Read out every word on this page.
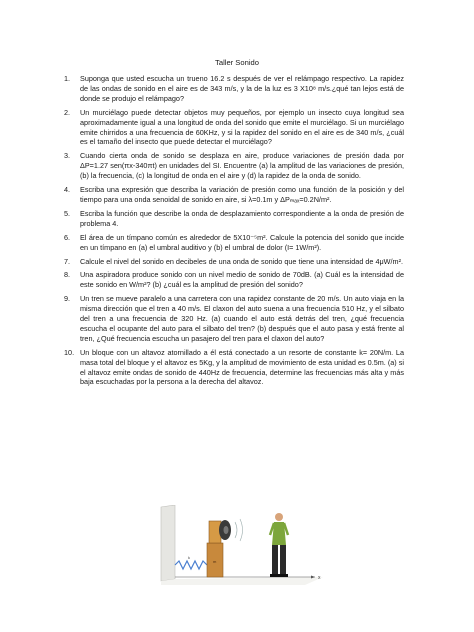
Taller Sonido
1.	Suponga que usted escucha un trueno 16.2 s después de ver el relámpago respectivo. La rapidez de las ondas de sonido en el aire es de 343 m/s, y la de la luz es 3 X10⁸ m/s.¿qué tan lejos está de donde se produjo el relámpago?
2.	Un murciélago puede detectar objetos muy pequeños, por ejemplo un insecto cuya longitud sea aproximadamente igual a una longitud de onda del sonido que emite el murciélago. Si un murciélago emite chirridos a una frecuencia de 60KHz, y si la rapidez del sonido en el aire es de 340 m/s, ¿cuál es el tamaño del insecto que puede detectar el murciélago?
3.	Cuando cierta onda de sonido se desplaza en aire, produce variaciones de presión dada por ΔP=1.27 sen(πx-340πt) en unidades del SI. Encuentre (a) la amplitud de las variaciones de presión, (b) la frecuencia, (c) la longitud de onda en el aire y (d) la rapidez de la onda de sonido.
4.	Escriba una expresión que describa la variación de presión como una función de la posición y del tiempo para una onda senoidal de sonido en aire, si λ=0.1m y ΔPₘₐₓ=0.2N/m².
5.	Escriba la función que describe la onda de desplazamiento correspondiente a la onda de presión de problema 4.
6.	El área de un tímpano común es alrededor de 5X10⁻⁵m². Calcule la potencia del sonido que incide en un tímpano en (a) el umbral auditivo y (b) el umbral de dolor (I= 1W/m²).
7.	Calcule el nivel del sonido en decibeles de una onda de sonido que tiene una intensidad de 4μW/m².
8.	Una aspiradora produce sonido con un nivel medio de sonido de 70dB. (a) Cuál es la intensidad de este sonido en W/m²? (b) ¿cuál es la amplitud de presión del sonido?
9.	Un tren se mueve paralelo a una carretera con una rapidez constante de 20 m/s. Un auto viaja en la misma dirección que el tren a 40 m/s. El claxon del auto suena a una frecuencia 510 Hz, y el silbato del tren a una frecuencia de 320 Hz. (a) cuando el auto está detrás del tren, ¿qué frecuencia escucha el ocupante del auto para el silbato del tren? (b) después que el auto pasa y está frente al tren, ¿Qué frecuencia escucha un pasajero del tren para el claxon del auto?
10. Un bloque con un altavoz atornillado a él está conectado a un resorte de constante k= 20N/m. La masa total del bloque y el altavoz es 5Kg, y la amplitud de movimiento de esta unidad es 0.5m. (a) si el altavoz emite ondas de sonido de 440Hz de frecuencia, determine las frecuencias más alta y más baja escuchadas por la persona a la derecha del altavoz.
x
k
m
